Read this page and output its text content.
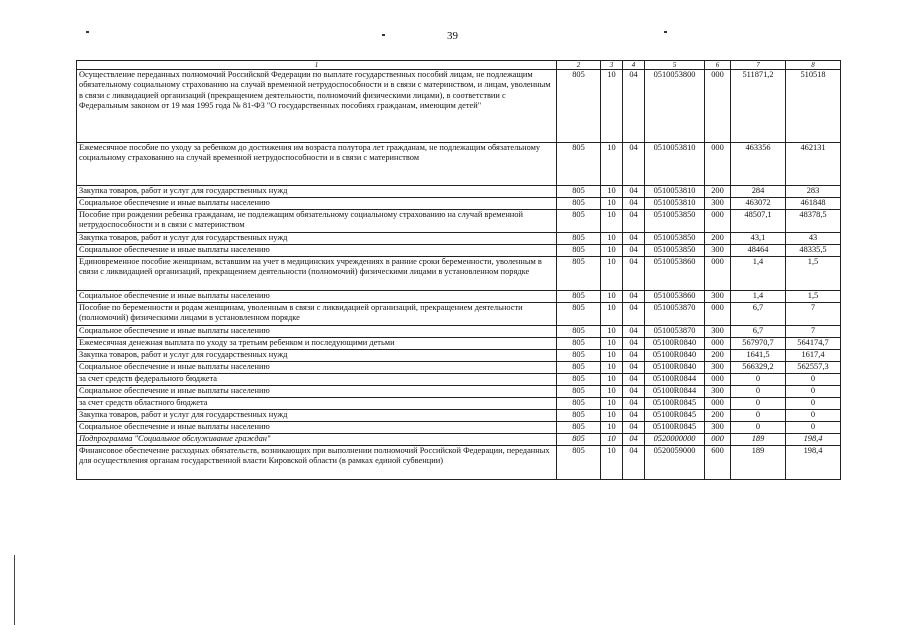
39
1	2	3	4	5	6	7	8
Осуществление переданных полномочий Российской Федерации по выплате государственных пособий лицам, не подлежащим обязательному социальному страхованию на случай временной нетрудоспособности и в связи с материнством, и лицам, уволенным в связи с ликвидацией организаций (прекращением деятельности, полномочий физическими лицами), в соответствии с Федеральным законом от 19 мая 1995 года № 81-ФЗ "О государственных пособиях гражданам, имеющим детей"	805	10	04	0510053800	000	511871,2	510518
Ежемесячное пособие по уходу за ребенком до достижения им возраста полутора лет гражданам, не подлежащим обязательному социальному страхованию на случай временной нетрудоспособности и в связи с материнством	805	10	04	0510053810	000	463356	462131
Закупка товаров, работ и услуг для государственных нужд	805	10	04	0510053810	200	284	283
Социальное обеспечение и иные выплаты населению	805	10	04	0510053810	300	463072	461848
Пособие при рождении ребенка гражданам, не подлежащим обязательному социальному страхованию на случай временной нетрудоспособности и в связи с материнством	805	10	04	0510053850	000	48507,1	48378,5
Закупка товаров, работ и услуг для государственных нужд	805	10	04	0510053850	200	43,1	43
Социальное обеспечение и иные выплаты населению	805	10	04	0510053850	300	48464	48335,5
Единовременное пособие женщинам, вставшим на учет в медицинских учреждениях в ранние сроки беременности, уволенным в связи с ликвидацией организаций, прекращением деятельности (полномочий) физическими лицами в установленном порядке	805	10	04	0510053860	000	1,4	1,5
Социальное обеспечение и иные выплаты населению	805	10	04	0510053860	300	1,4	1,5
Пособие по беременности и родам женщинам, уволенным в связи с ликвидацией организаций, прекращением деятельности (полномочий) физическими лицами в установленном порядке	805	10	04	0510053870	000	6,7	7
Социальное обеспечение и иные выплаты населению	805	10	04	0510053870	300	6,7	7
Ежемесячная денежная выплата по уходу за третьим ребенком и последующими детьми	805	10	04	05100R0840	000	567970,7	564174,7
Закупка товаров, работ и услуг для государственных нужд	805	10	04	05100R0840	200	1641,5	1617,4
Социальное обеспечение и иные выплаты населению	805	10	04	05100R0840	300	566329,2	562557,3
за счет средств федерального бюджета	805	10	04	05100R0844	000	0	0
Социальное обеспечение и иные выплаты населению	805	10	04	05100R0844	300	0	0
за счет средств областного бюджета	805	10	04	05100R0845	000	0	0
Закупка товаров, работ и услуг для государственных нужд	805	10	04	05100R0845	200	0	0
Социальное обеспечение и иные выплаты населению	805	10	04	05100R0845	300	0	0
Подпрограмма "Социальное обслуживание граждан"	805	10	04	0520000000	000	189	198,4
Финансовое обеспечение расходных обязательств, возникающих при выполнении полномочий Российской Федерации, переданных для осуществления органам государственной власти Кировской области (в рамках единой субвенции)	805	10	04	0520059000	600	189	198,4
